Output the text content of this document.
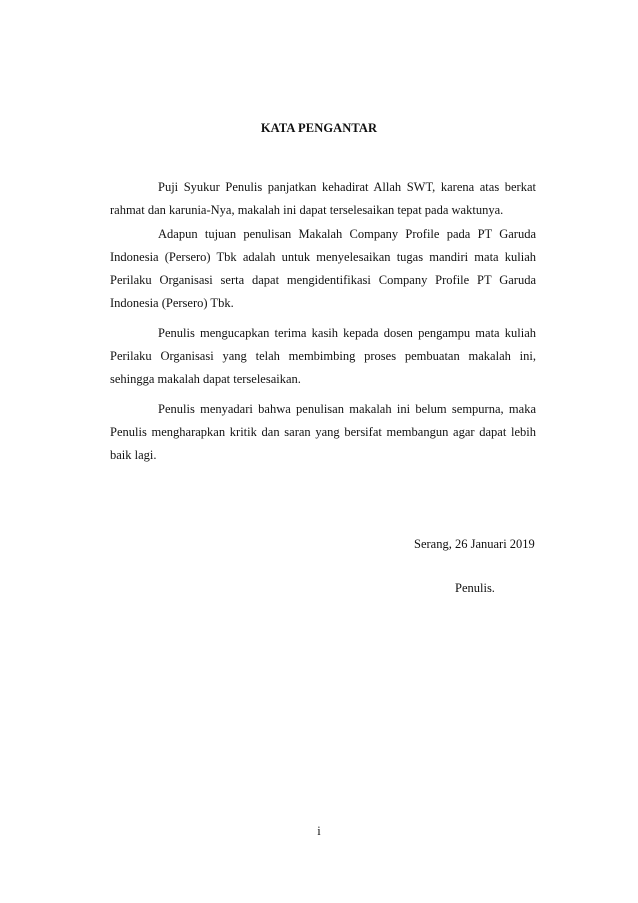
KATA PENGANTAR

Puji Syukur Penulis panjatkan kehadirat Allah SWT, karena atas berkat rahmat dan karunia-Nya, makalah ini dapat terselesaikan tepat pada waktunya.

Adapun tujuan penulisan Makalah Company Profile pada PT Garuda Indonesia (Persero) Tbk adalah untuk menyelesaikan tugas mandiri mata kuliah Perilaku Organisasi serta dapat mengidentifikasi Company Profile PT Garuda Indonesia (Persero) Tbk.

Penulis mengucapkan terima kasih kepada dosen pengampu mata kuliah Perilaku Organisasi yang telah membimbing proses pembuatan makalah ini, sehingga makalah dapat terselesaikan.

Penulis menyadari bahwa penulisan makalah ini belum sempurna, maka Penulis mengharapkan kritik dan saran yang bersifat membangun agar dapat lebih baik lagi.

Serang, 26 Januari 2019
Penulis.
i
